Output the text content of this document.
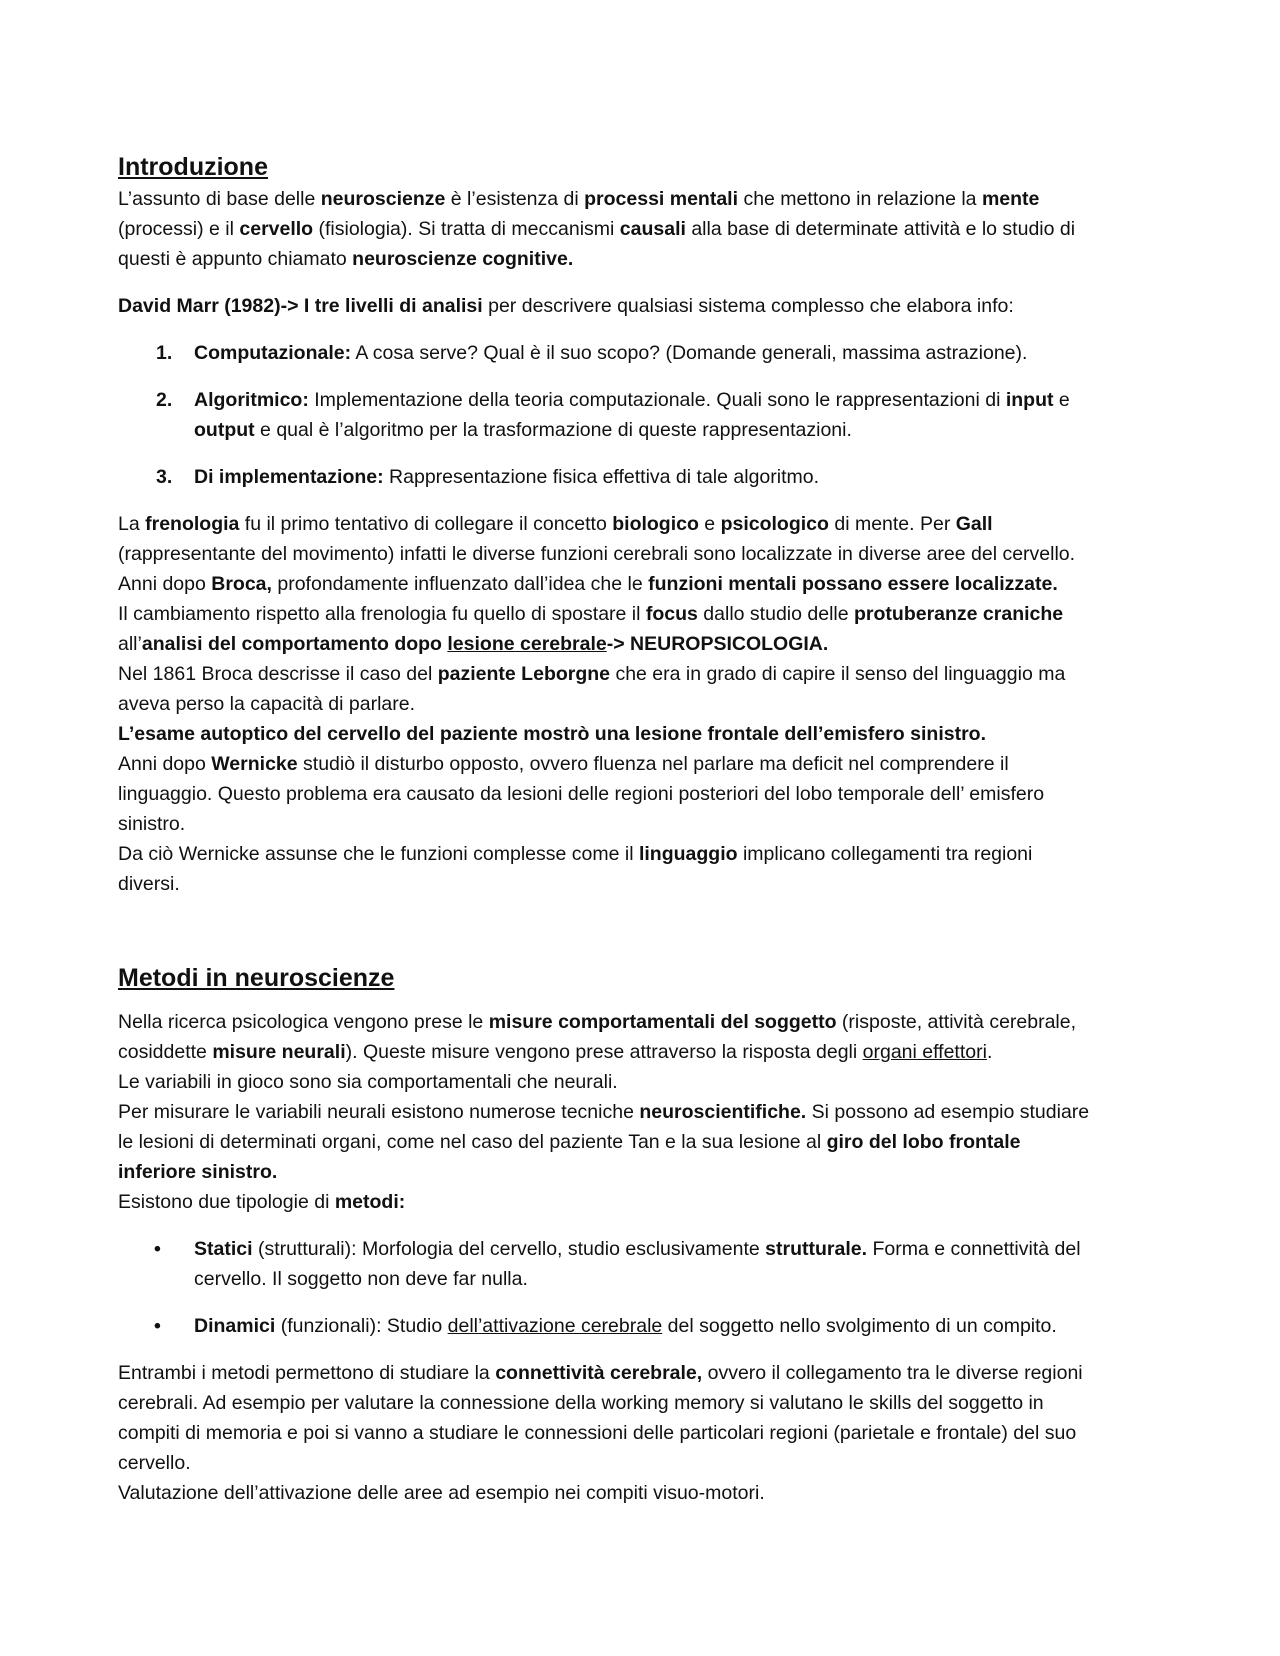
Introduzione
L’assunto di base delle neuroscienze è l’esistenza di processi mentali che mettono in relazione la mente
(processi) e il cervello (fisiologia). Si tratta di meccanismi causali alla base di determinate attività e lo studio di
questi è appunto chiamato neuroscienze cognitive.
David Marr (1982)-> I tre livelli di analisi per descrivere qualsiasi sistema complesso che elabora info:
1. Computazionale: A cosa serve? Qual è il suo scopo? (Domande generali, massima astrazione).
2. Algoritmico: Implementazione della teoria computazionale. Quali sono le rappresentazioni di input e
output e qual è l’algoritmo per la trasformazione di queste rappresentazioni.
3. Di implementazione: Rappresentazione fisica effettiva di tale algoritmo.
La frenologia fu il primo tentativo di collegare il concetto biologico e psicologico di mente. Per Gall
(rappresentante del movimento) infatti le diverse funzioni cerebrali sono localizzate in diverse aree del cervello.
Anni dopo Broca, profondamente influenzato dall’idea che le funzioni mentali possano essere localizzate.
Il cambiamento rispetto alla frenologia fu quello di spostare il focus dallo studio delle protuberanze craniche
all’analisi del comportamento dopo lesione cerebrale-> NEUROPSICOLOGIA.
Nel 1861 Broca descrisse il caso del paziente Leborgne che era in grado di capire il senso del linguaggio ma
aveva perso la capacità di parlare.
L’esame autoptico del cervello del paziente mostrò una lesione frontale dell’emisfero sinistro.
Anni dopo Wernicke studiò il disturbo opposto, ovvero fluenza nel parlare ma deficit nel comprendere il
linguaggio. Questo problema era causato da lesioni delle regioni posteriori del lobo temporale dell’ emisfero
sinistro.
Da ciò Wernicke assunse che le funzioni complesse come il linguaggio implicano collegamenti tra regioni
diversi.
Metodi in neuroscienze
Nella ricerca psicologica vengono prese le misure comportamentali del soggetto (risposte, attività cerebrale,
cosiddette misure neurali). Queste misure vengono prese attraverso la risposta degli organi effettori.
Le variabili in gioco sono sia comportamentali che neurali.
Per misurare le variabili neurali esistono numerose tecniche neuroscientifiche. Si possono ad esempio studiare
le lesioni di determinati organi, come nel caso del paziente Tan e la sua lesione al giro del lobo frontale
inferiore sinistro.
Esistono due tipologie di metodi:
• Statici (strutturali): Morfologia del cervello, studio esclusivamente strutturale. Forma e connettività del
cervello. Il soggetto non deve far nulla.
• Dinamici (funzionali): Studio dell’attivazione cerebrale del soggetto nello svolgimento di un compito.
Entrambi i metodi permettono di studiare la connettività cerebrale, ovvero il collegamento tra le diverse regioni
cerebrali. Ad esempio per valutare la connessione della working memory si valutano le skills del soggetto in
compiti di memoria e poi si vanno a studiare le connessioni delle particolari regioni (parietale e frontale) del suo
cervello.
Valutazione dell’attivazione delle aree ad esempio nei compiti visuo-motori.
